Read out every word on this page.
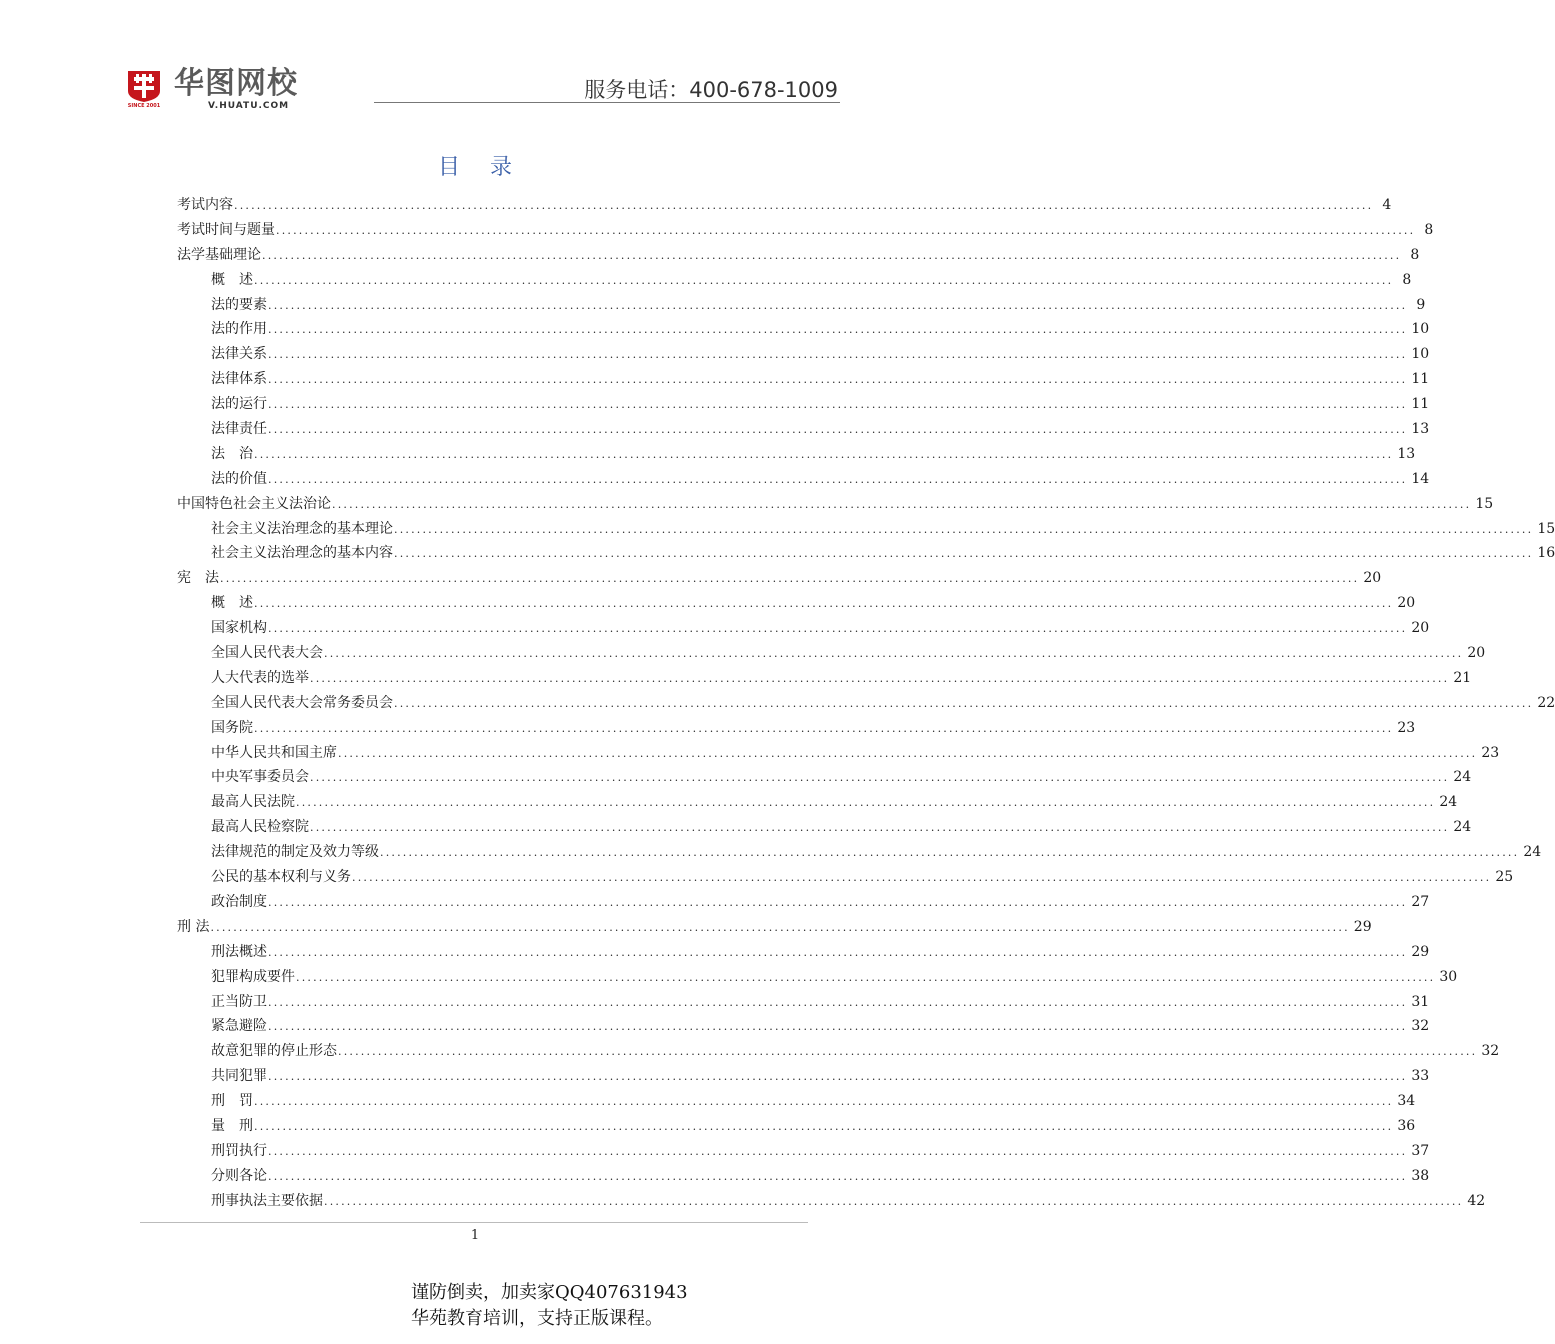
SINCE 2001
华图网校
V.HUATU.COM
服务电话：400-678-1009
目录
考试内容 ........................................................................................................................................................................................................ 4
考试时间与题量 ........................................................................................................................................................................................................ 8
法学基础理论 ........................................................................................................................................................................................................ 8
概　述 ........................................................................................................................................................................................................ 8
法的要素 ........................................................................................................................................................................................................ 9
法的作用 ........................................................................................................................................................................................................ 10
法律关系 ........................................................................................................................................................................................................ 10
法律体系 ........................................................................................................................................................................................................ 11
法的运行 ........................................................................................................................................................................................................ 11
法律责任 ........................................................................................................................................................................................................ 13
法　治 ........................................................................................................................................................................................................ 13
法的价值 ........................................................................................................................................................................................................ 14
中国特色社会主义法治论 ........................................................................................................................................................................................................ 15
社会主义法治理念的基本理论 ........................................................................................................................................................................................................ 15
社会主义法治理念的基本内容 ........................................................................................................................................................................................................ 16
宪　法 ........................................................................................................................................................................................................ 20
概　述 ........................................................................................................................................................................................................ 20
国家机构 ........................................................................................................................................................................................................ 20
全国人民代表大会 ........................................................................................................................................................................................................ 20
人大代表的选举 ........................................................................................................................................................................................................ 21
全国人民代表大会常务委员会 ........................................................................................................................................................................................................ 22
国务院 ........................................................................................................................................................................................................ 23
中华人民共和国主席 ........................................................................................................................................................................................................ 23
中央军事委员会 ........................................................................................................................................................................................................ 24
最高人民法院 ........................................................................................................................................................................................................ 24
最高人民检察院 ........................................................................................................................................................................................................ 24
法律规范的制定及效力等级 ........................................................................................................................................................................................................ 24
公民的基本权利与义务 ........................................................................................................................................................................................................ 25
政治制度 ........................................................................................................................................................................................................ 27
刑 法 ........................................................................................................................................................................................................ 29
刑法概述 ........................................................................................................................................................................................................ 29
犯罪构成要件 ........................................................................................................................................................................................................ 30
正当防卫 ........................................................................................................................................................................................................ 31
紧急避险 ........................................................................................................................................................................................................ 32
故意犯罪的停止形态 ........................................................................................................................................................................................................ 32
共同犯罪 ........................................................................................................................................................................................................ 33
刑　罚 ........................................................................................................................................................................................................ 34
量　刑 ........................................................................................................................................................................................................ 36
刑罚执行 ........................................................................................................................................................................................................ 37
分则各论 ........................................................................................................................................................................................................ 38
刑事执法主要依据 ........................................................................................................................................................................................................ 42
1
谨防倒卖，加卖家QQ407631943
华苑教育培训，支持正版课程。
